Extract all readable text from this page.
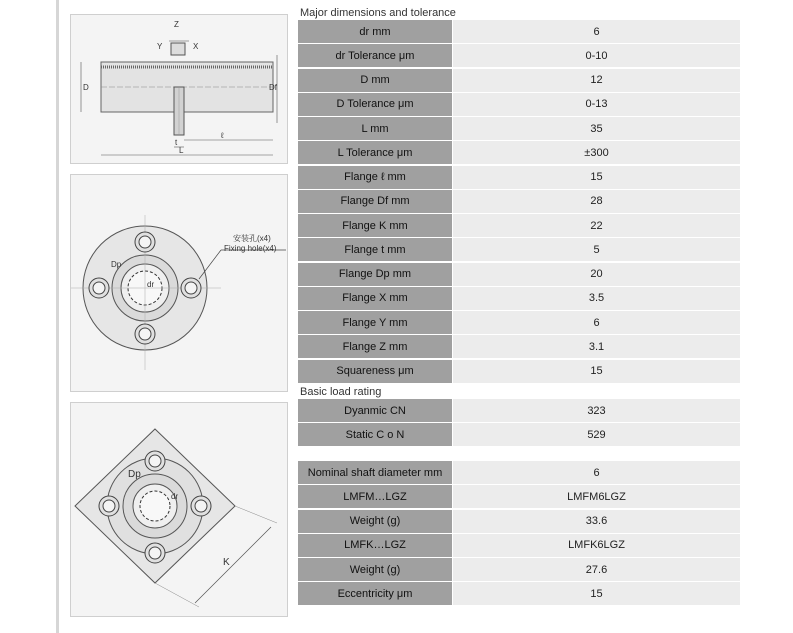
Z
Y	X
D	Df
t
ℓ
L
安装孔(x4)
Fixing hole(x4)
Dp
dr
Dp
dr
K
Major dimensions and tolerance
dr mm	6
dr Tolerance μm	0-10
D mm	12
D Tolerance μm	0-13
L mm	35
L Tolerance μm	±300
Flange ℓ mm	15
Flange Df mm	28
Flange K mm	22
Flange t mm	5
Flange Dp mm	20
Flange X mm	3.5
Flange Y mm	6
Flange Z mm	3.1
Squareness μm	15
Basic load rating
Dyanmic CN	323
Static C o N	529
Nominal shaft diameter mm	6
LMFM…LGZ	LMFM6LGZ
Weight (g)	33.6
LMFK…LGZ	LMFK6LGZ
Weight (g)	27.6
Eccentricity μm	15
